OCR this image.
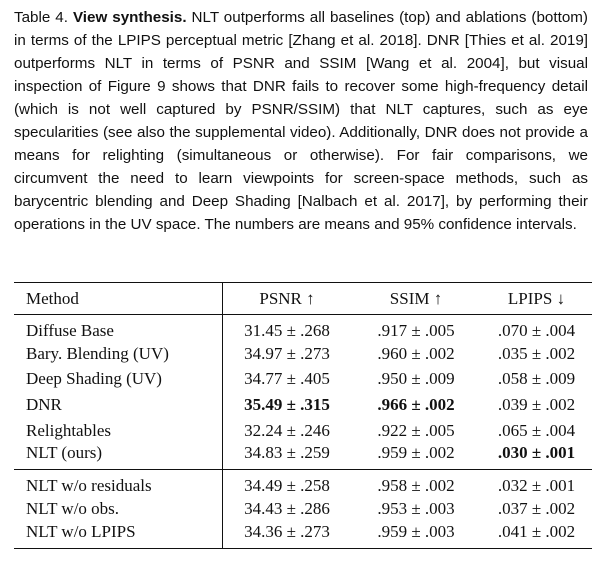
Table 4. View synthesis. NLT outperforms all baselines (top) and ablations (bottom) in terms of the LPIPS perceptual metric [Zhang et al. 2018]. DNR [Thies et al. 2019] outperforms NLT in terms of PSNR and SSIM [Wang et al. 2004], but visual inspection of Figure 9 shows that DNR fails to recover some high-frequency detail (which is not well captured by PSNR/SSIM) that NLT captures, such as eye specularities (see also the supplemental video). Additionally, DNR does not provide a means for relighting (simultaneous or otherwise). For fair comparisons, we circumvent the need to learn viewpoints for screen-space methods, such as barycentric blending and Deep Shading [Nalbach et al. 2017], by performing their operations in the UV space. The numbers are means and 95% confidence intervals.
Method	PSNR ↑	SSIM ↑	LPIPS ↓
Diffuse Base	31.45 ± .268	.917 ± .005	.070 ± .004
Bary. Blending (UV)	34.97 ± .273	.960 ± .002	.035 ± .002
Deep Shading (UV)	34.77 ± .405	.950 ± .009	.058 ± .009
DNR	35.49 ± .315	.966 ± .002	.039 ± .002
Relightables	32.24 ± .246	.922 ± .005	.065 ± .004
NLT (ours)	34.83 ± .259	.959 ± .002	.030 ± .001
NLT w/o residuals	34.49 ± .258	.958 ± .002	.032 ± .001
NLT w/o obs.	34.43 ± .286	.953 ± .003	.037 ± .002
NLT w/o LPIPS	34.36 ± .273	.959 ± .003	.041 ± .002
